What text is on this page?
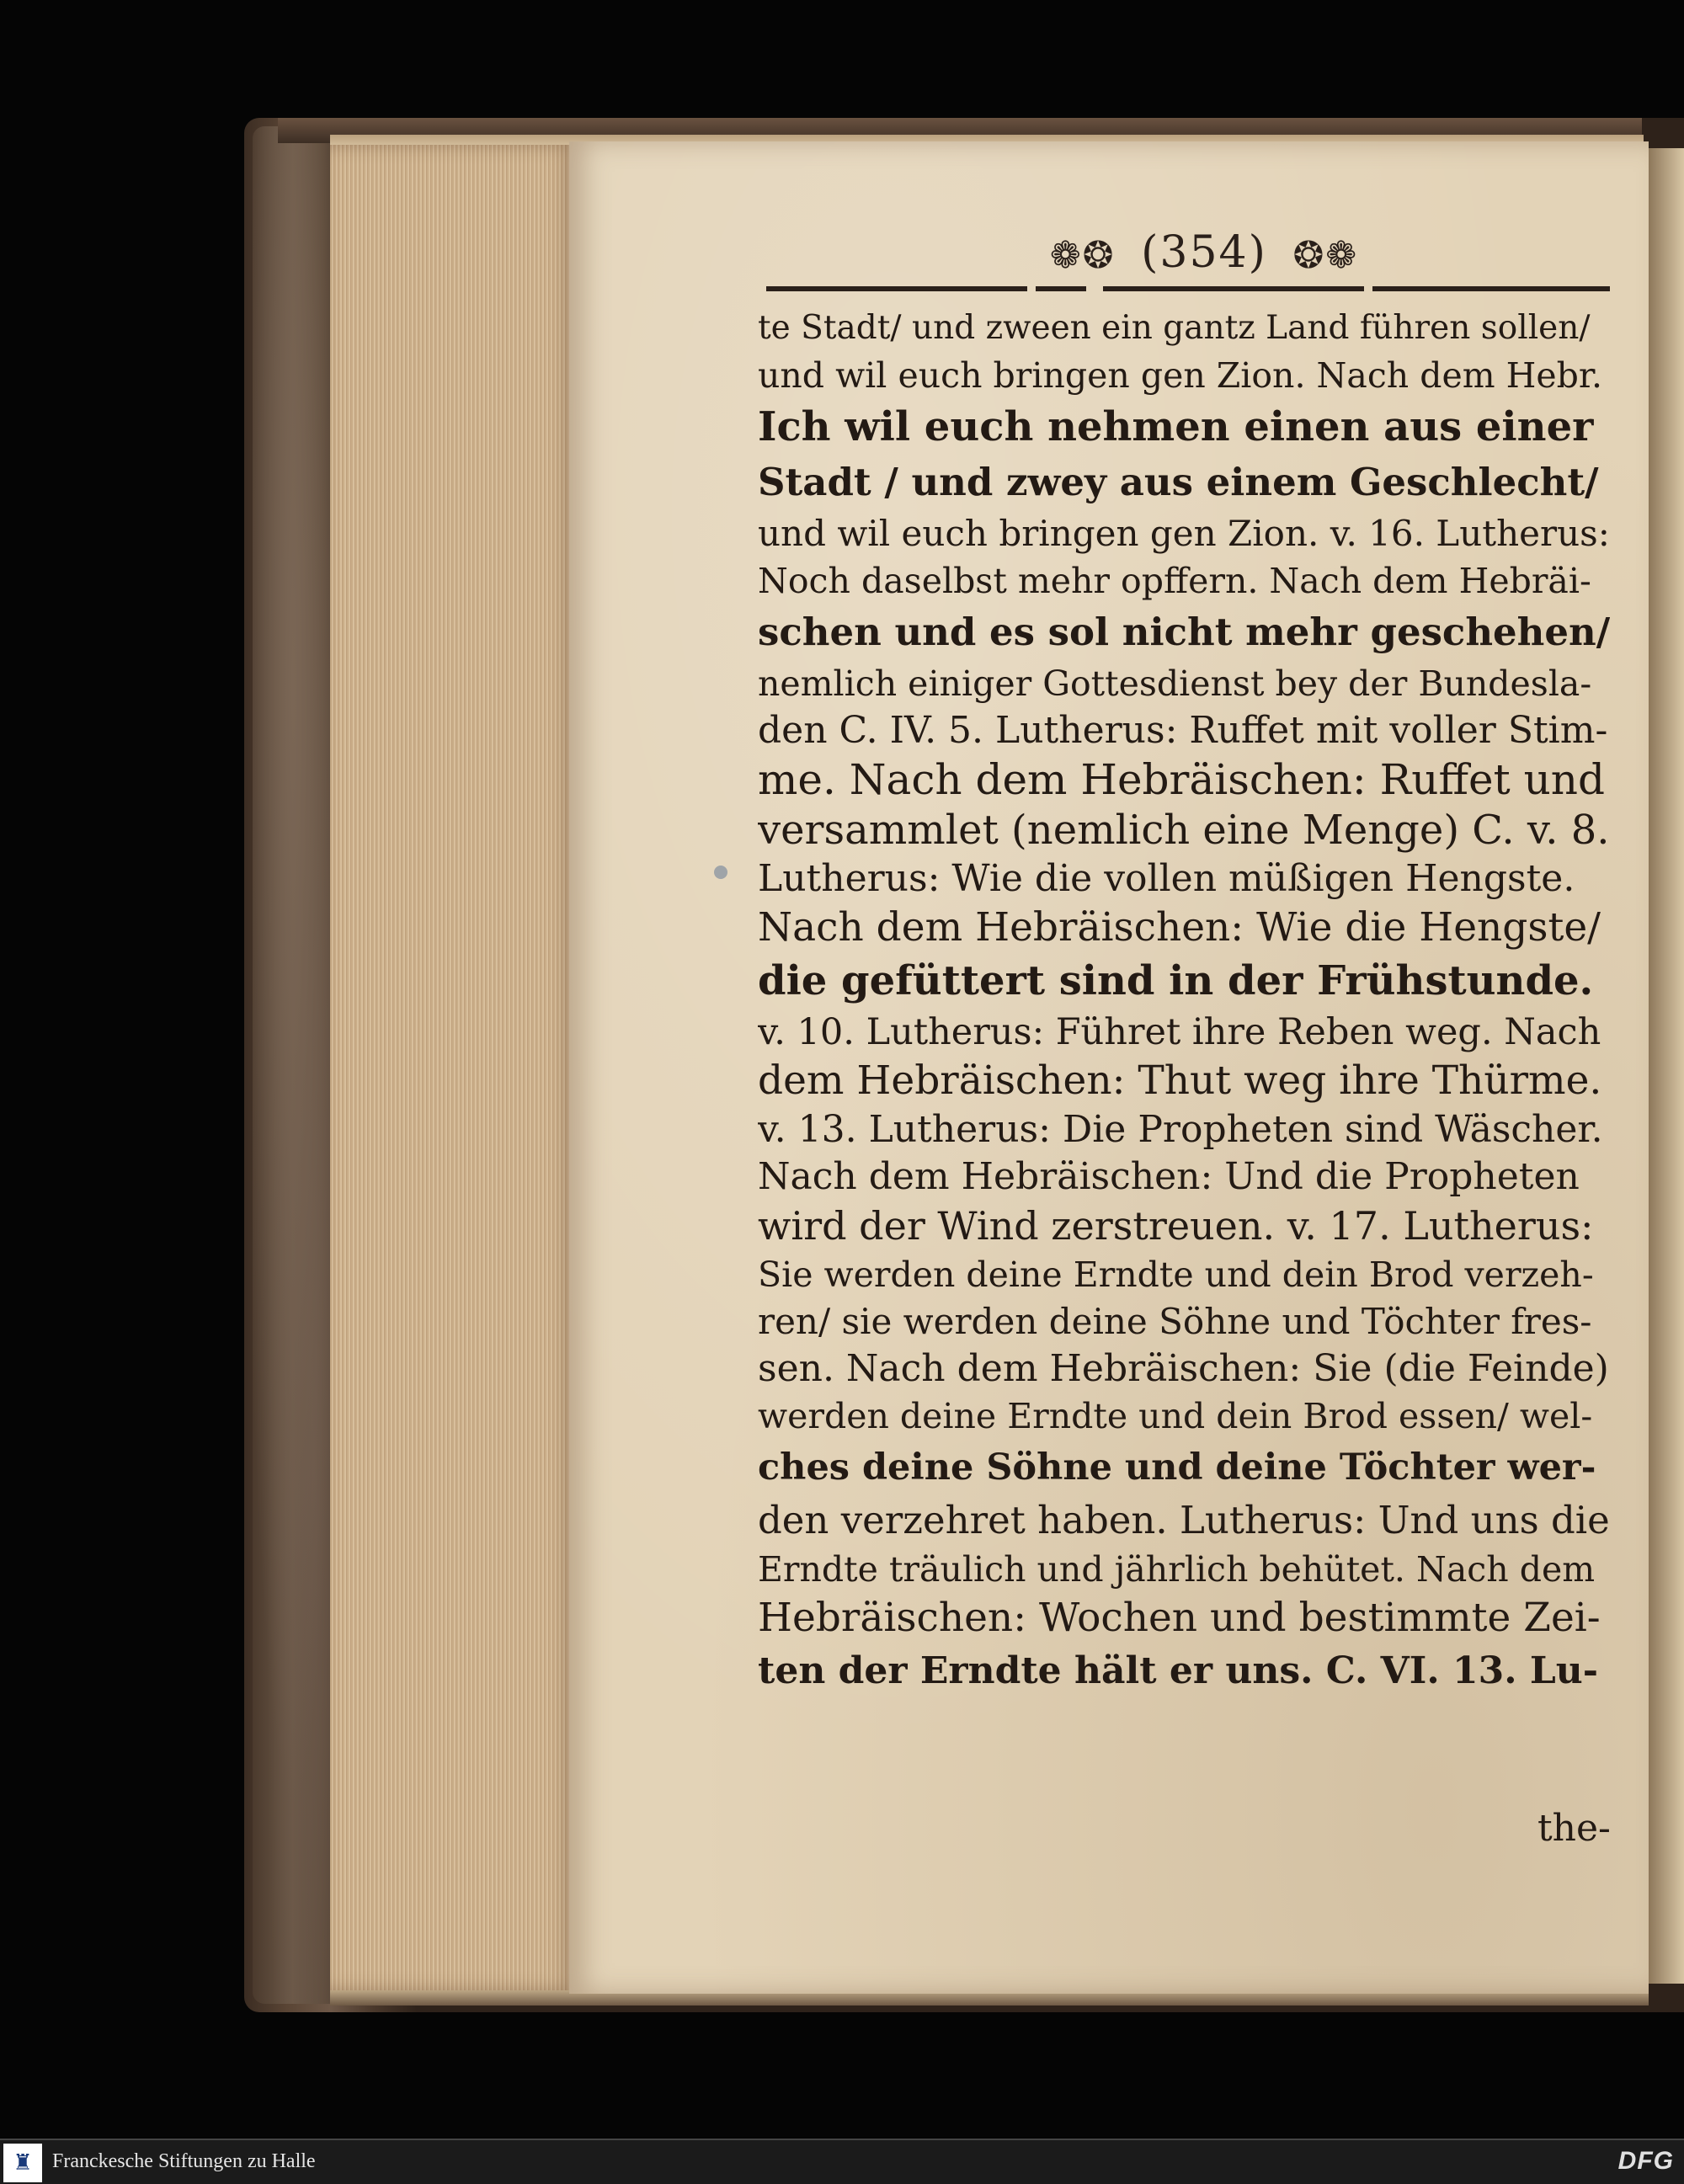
❁❂ (354) ❂❁
te Stadt/ und zween ein gantz Land führen sollen/
und wil euch bringen gen Zion. Nach dem Hebr.
Ich wil euch nehmen einen aus einer
Stadt / und zwey aus einem Geschlecht/
und wil euch bringen gen Zion. v. 16. Lutherus:
Noch daselbst mehr opffern. Nach dem Hebräi-
schen und es sol nicht mehr geschehen/
nemlich einiger Gottesdienst bey der Bundesla-
den C. IV. 5. Lutherus: Ruffet mit voller Stim-
me. Nach dem Hebräischen: Ruffet und
versammlet (nemlich eine Menge) C. v. 8.
Lutherus: Wie die vollen müßigen Hengste.
Nach dem Hebräischen: Wie die Hengste/
die gefüttert sind in der Frühstunde.
v. 10. Lutherus: Führet ihre Reben weg. Nach
dem Hebräischen: Thut weg ihre Thürme.
v. 13. Lutherus: Die Propheten sind Wäscher.
Nach dem Hebräischen: Und die Propheten
wird der Wind zerstreuen. v. 17. Lutherus:
Sie werden deine Erndte und dein Brod verzeh-
ren/ sie werden deine Söhne und Töchter fres-
sen. Nach dem Hebräischen: Sie (die Feinde)
werden deine Erndte und dein Brod essen/ wel-
ches deine Söhne und deine Töchter wer-
den verzehret haben. Lutherus: Und uns die
Erndte träulich und jährlich behütet. Nach dem
Hebräischen: Wochen und bestimmte Zei-
ten der Erndte hält er uns. C. VI. 13. Lu-
the-
♜ Franckesche Stiftungen zu Halle	DFG
